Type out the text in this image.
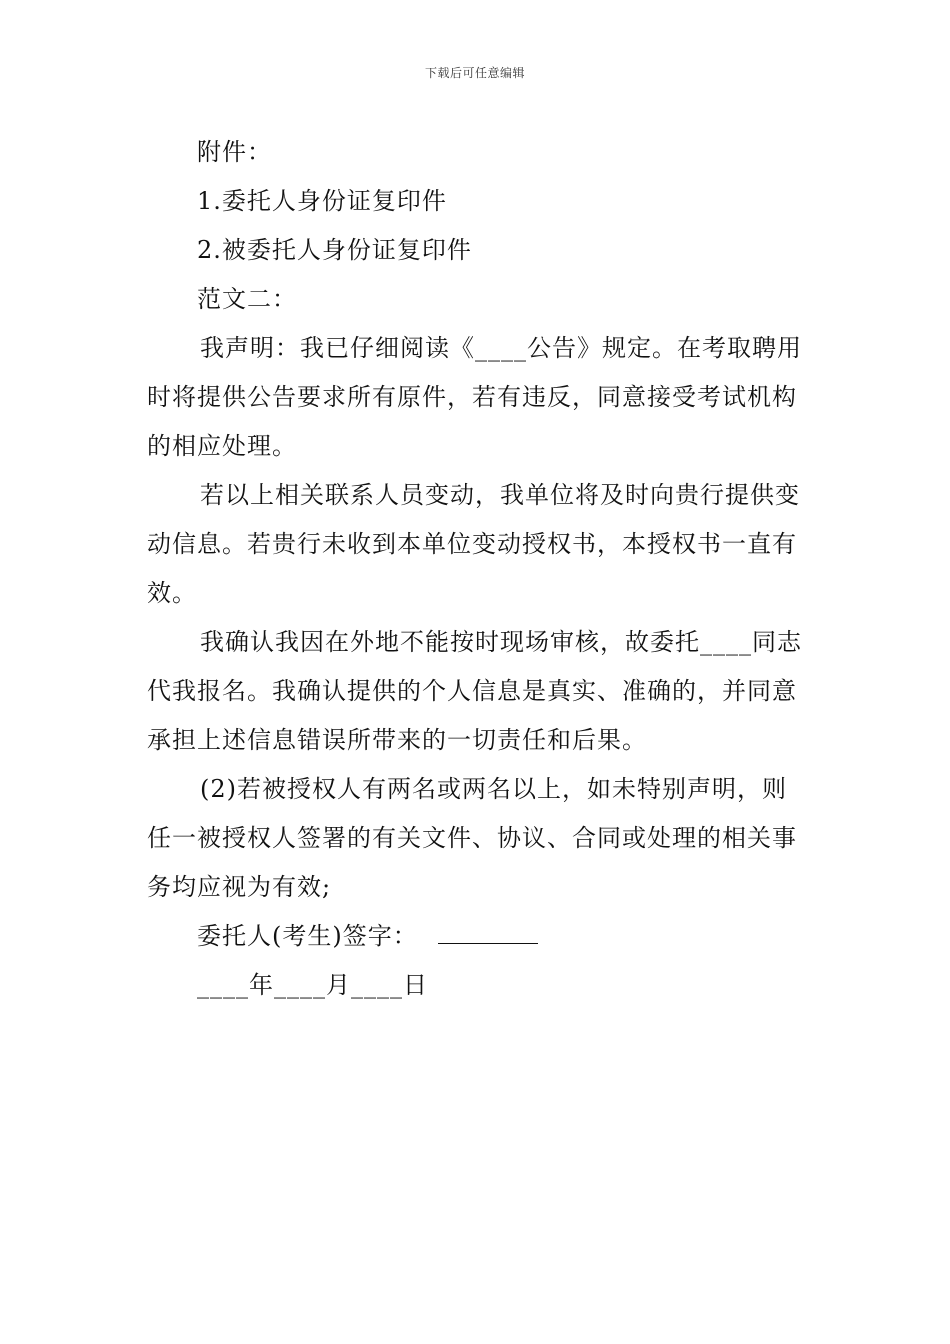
下载后可任意编辑
附件：
1.委托人身份证复印件
2.被委托人身份证复印件
范文二：

我声明：我已仔细阅读《____公告》规定。在考取聘用时将提供公告要求所有原件，若有违反，同意接受考试机构的相应处理。

若以上相关联系人员变动，我单位将及时向贵行提供变动信息。若贵行未收到本单位变动授权书，本授权书一直有效。

我确认我因在外地不能按时现场审核，故委托____同志代我报名。我确认提供的个人信息是真实、准确的，并同意承担上述信息错误所带来的一切责任和后果。

(2)若被授权人有两名或两名以上，如未特别声明，则任一被授权人签署的有关文件、协议、合同或处理的相关事务均应视为有效;

委托人(考生)签字：
____年____月____日
